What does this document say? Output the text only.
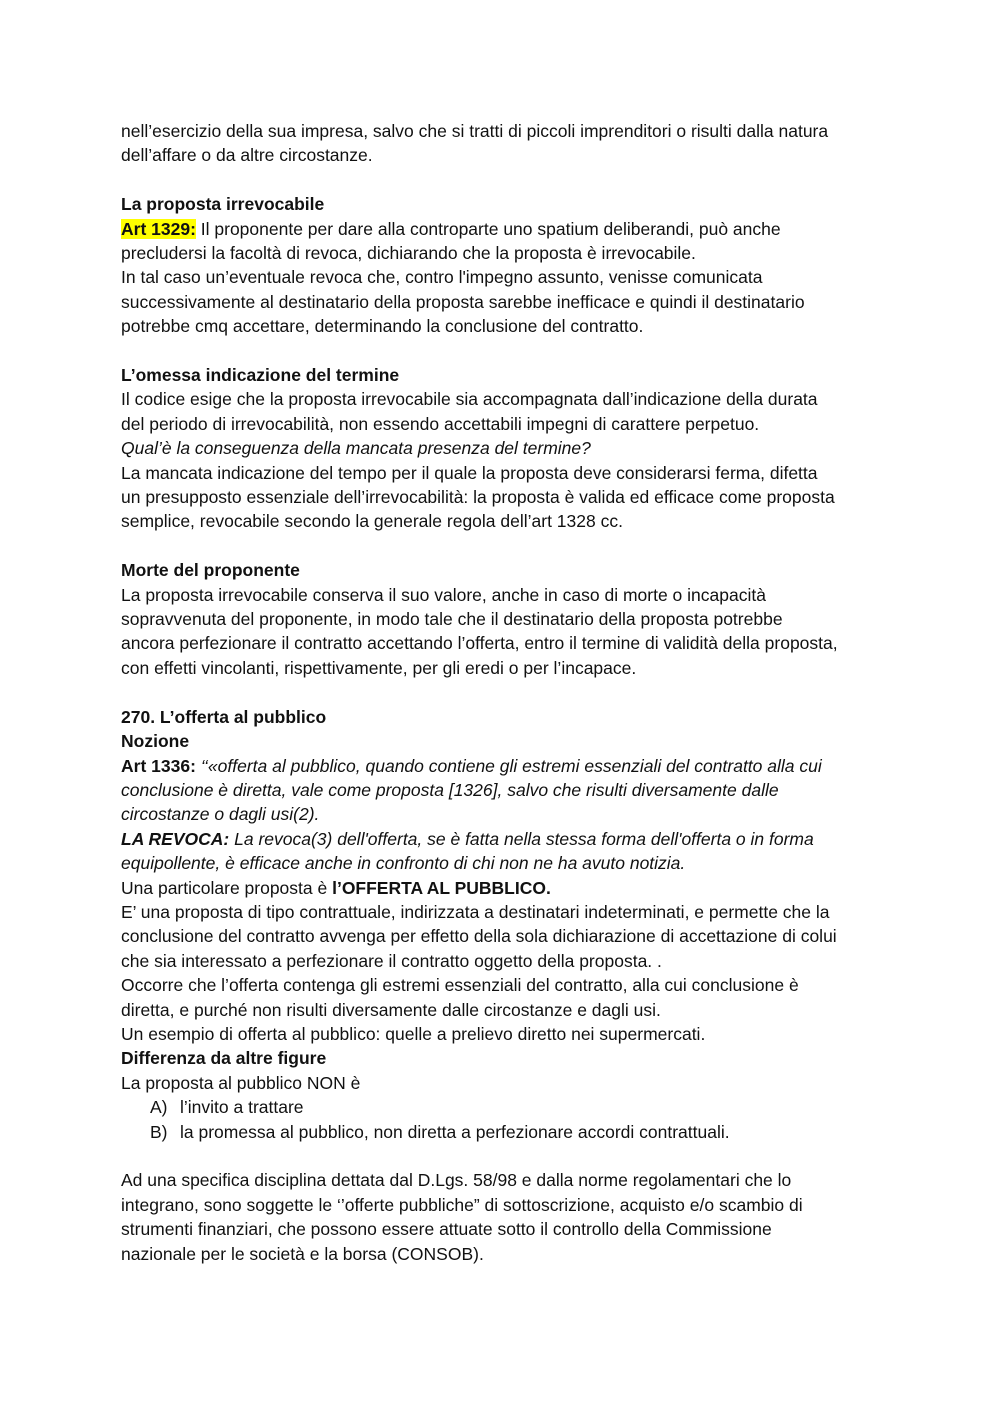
nell’esercizio della sua impresa, salvo che si tratti di piccoli imprenditori o risulti dalla natura
dell’affare o da altre circostanze.
La proposta irrevocabile
Art 1329: Il proponente per dare alla controparte uno spatium deliberandi, può anche
precludersi la facoltà di revoca, dichiarando che la proposta è irrevocabile.
In tal caso un’eventuale revoca che, contro l'impegno assunto, venisse comunicata
successivamente al destinatario della proposta sarebbe inefficace e quindi il destinatario
potrebbe cmq accettare, determinando la conclusione del contratto.
L’omessa indicazione del termine
Il codice esige che la proposta irrevocabile sia accompagnata dall’indicazione della durata
del periodo di irrevocabilità, non essendo accettabili impegni di carattere perpetuo.
Qual’è la conseguenza della mancata presenza del termine?
La mancata indicazione del tempo per il quale la proposta deve considerarsi ferma, difetta
un presupposto essenziale dell’irrevocabilità: la proposta è valida ed efficace come proposta
semplice, revocabile secondo la generale regola dell’art 1328 cc.
Morte del proponente
La proposta irrevocabile conserva il suo valore, anche in caso di morte o incapacità
sopravvenuta del proponente, in modo tale che il destinatario della proposta potrebbe
ancora perfezionare il contratto accettando l’offerta, entro il termine di validità della proposta,
con effetti vincolanti, rispettivamente, per gli eredi o per l’incapace.
270. L’offerta al pubblico
Nozione
Art 1336: ‘‘«offerta al pubblico, quando contiene gli estremi essenziali del contratto alla cui
conclusione è diretta, vale come proposta [1326], salvo che risulti diversamente dalle
circostanze o dagli usi(2).
LA REVOCA: La revoca(3) dell'offerta, se è fatta nella stessa forma dell'offerta o in forma
equipollente, è efficace anche in confronto di chi non ne ha avuto notizia.
Una particolare proposta è l’OFFERTA AL PUBBLICO.
E’ una proposta di tipo contrattuale, indirizzata a destinatari indeterminati, e permette che la
conclusione del contratto avvenga per effetto della sola dichiarazione di accettazione di colui
che sia interessato a perfezionare il contratto oggetto della proposta. .
Occorre che l’offerta contenga gli estremi essenziali del contratto, alla cui conclusione è
diretta, e purché non risulti diversamente dalle circostanze e dagli usi.
Un esempio di offerta al pubblico: quelle a prelievo diretto nei supermercati.
Differenza da altre figure
La proposta al pubblico NON è
A) l’invito a trattare
B) la promessa al pubblico, non diretta a perfezionare accordi contrattuali.
Ad una specifica disciplina dettata dal D.Lgs. 58/98 e dalla norme regolamentari che lo
integrano, sono soggette le ‘’offerte pubbliche” di sottoscrizione, acquisto e/o scambio di
strumenti finanziari, che possono essere attuate sotto il controllo della Commissione
nazionale per le società e la borsa (CONSOB).
